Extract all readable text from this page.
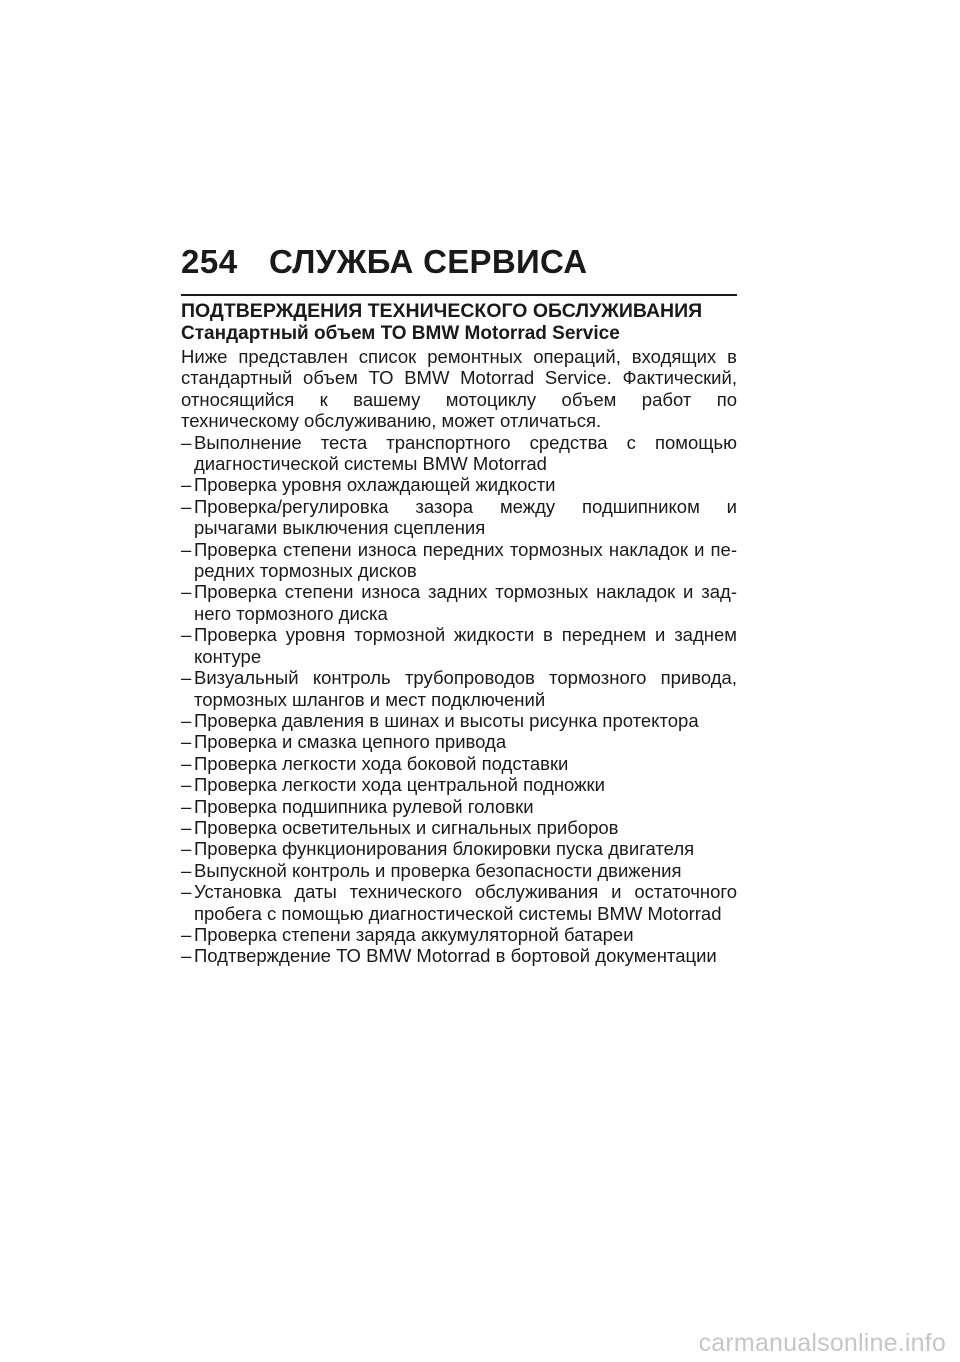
254 СЛУЖБА СЕРВИСА
ПОДТВЕРЖДЕНИЯ ТЕХНИЧЕСКОГО ОБСЛУЖИВАНИЯ
Стандартный объем ТО BMW Motorrad Service

Ниже представлен список ремонтных операций, входящих в стандартный объем ТО BMW Motorrad Service. Фактический, относящийся к вашему мотоциклу объем работ по техническому обслуживанию, может отличаться.

– Выполнение теста транспортного средства с помощью диагностической системы BMW Motorrad
– Проверка уровня охлаждающей жидкости
– Проверка/регулировка зазора между подшипником и рычагами выключения сцепления
– Проверка степени износа передних тормозных накладок и передних тормозных дисков
– Проверка степени износа задних тормозных накладок и заднего тормозного диска
– Проверка уровня тормозной жидкости в переднем и заднем контуре
– Визуальный контроль трубопроводов тормозного привода, тормозных шлангов и мест подключений
– Проверка давления в шинах и высоты рисунка протектора
– Проверка и смазка цепного привода
– Проверка легкости хода боковой подставки
– Проверка легкости хода центральной подножки
– Проверка подшипника рулевой головки
– Проверка осветительных и сигнальных приборов
– Проверка функционирования блокировки пуска двигателя
– Выпускной контроль и проверка безопасности движения
– Установка даты технического обслуживания и остаточного пробега с помощью диагностической системы BMW Motorrad
– Проверка степени заряда аккумуляторной батареи
– Подтверждение ТО BMW Motorrad в бортовой документации
carmanualsonline.info
